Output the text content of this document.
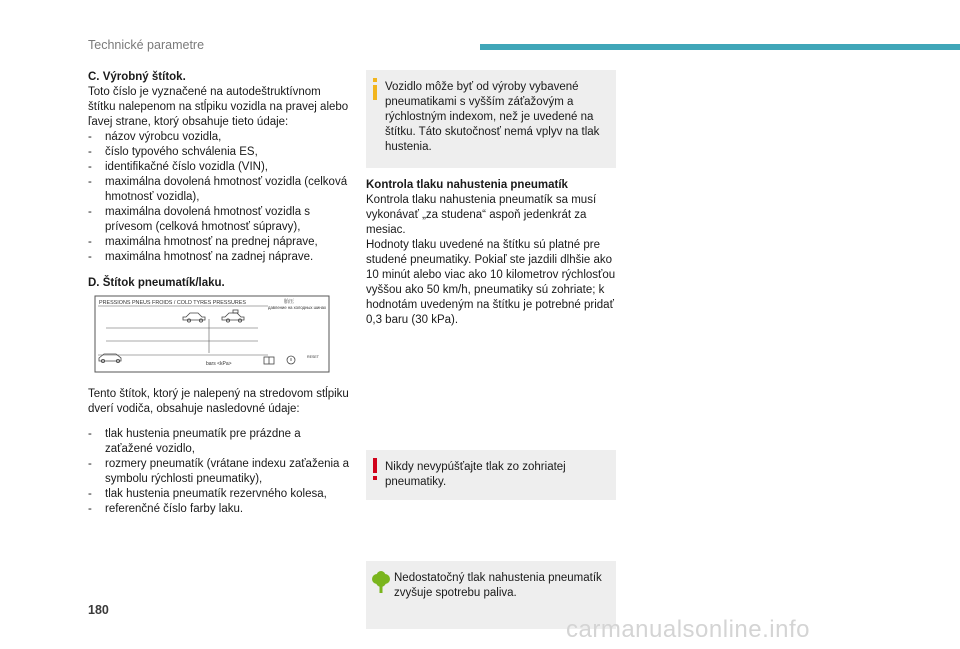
Technické parametre

C. Výrobný štítok.

Toto číslo je vyznačené na autodeštruktívnom štítku nalepenom na stĺpiku vozidla na pravej alebo ľavej strane, ktorý obsahuje tieto údaje:

- názov výrobcu vozidla,
- číslo typového schválenia ES,
- identifikačné číslo vozidla (VIN),
- maximálna dovolená hmotnosť vozidla (celková hmotnosť vozidla),
- maximálna dovolená hmotnosť vozidla s prívesom (celková hmotnosť súpravy),
- maximálna hmotnosť na prednej nápravе,
- maximálna hmotnosť na zadnej náprave.

D. Štítok pneumatík/laku.

PRESSIONS PNEUS FROIDS / COLD TYRES PRESSURES	胎压
давление на холодных шинах
bars <kPa>
RESET

Tento štítok, ktorý je nalepený na stredovom stĺpiku dverí vodiča, obsahuje nasledovné údaje:

- tlak hustenia pneumatík pre prázdne a zaťažené vozidlo,
- rozmery pneumatík (vrátane indexu zaťaženia a symbolu rýchlosti pneumatiky),
- tlak hustenia pneumatík rezervného kolesa,
- referenčné číslo farby laku.

Vozidlo môže byť od výroby vybavené pneumatikami s vyšším záťažovým a rýchlostným indexom, než je uvedené na štítku. Táto skutočnosť nemá vplyv na tlak hustenia.

Kontrola tlaku nahustenia pneumatík

Kontrola tlaku nahustenia pneumatík sa musí vykonávať „za studena“ aspoň jedenkrát za mesiac.

Hodnoty tlaku uvedené na štítku sú platné pre studené pneumatiky. Pokiaľ ste jazdili dlhšie ako 10 minút alebo viac ako 10 kilometrov rýchlosťou vyššou ako 50 km/h, pneumatiky sú zohriate; k hodnotám uvedeným na štítku je potrebné pridať 0,3 baru (30 kPa).

Nikdy nevypúšťajte tlak zo zohriatej pneumatiky.

Nedostatočný tlak nahustenia pneumatík zvyšuje spotrebu paliva.

180
carmanualsonline.info
